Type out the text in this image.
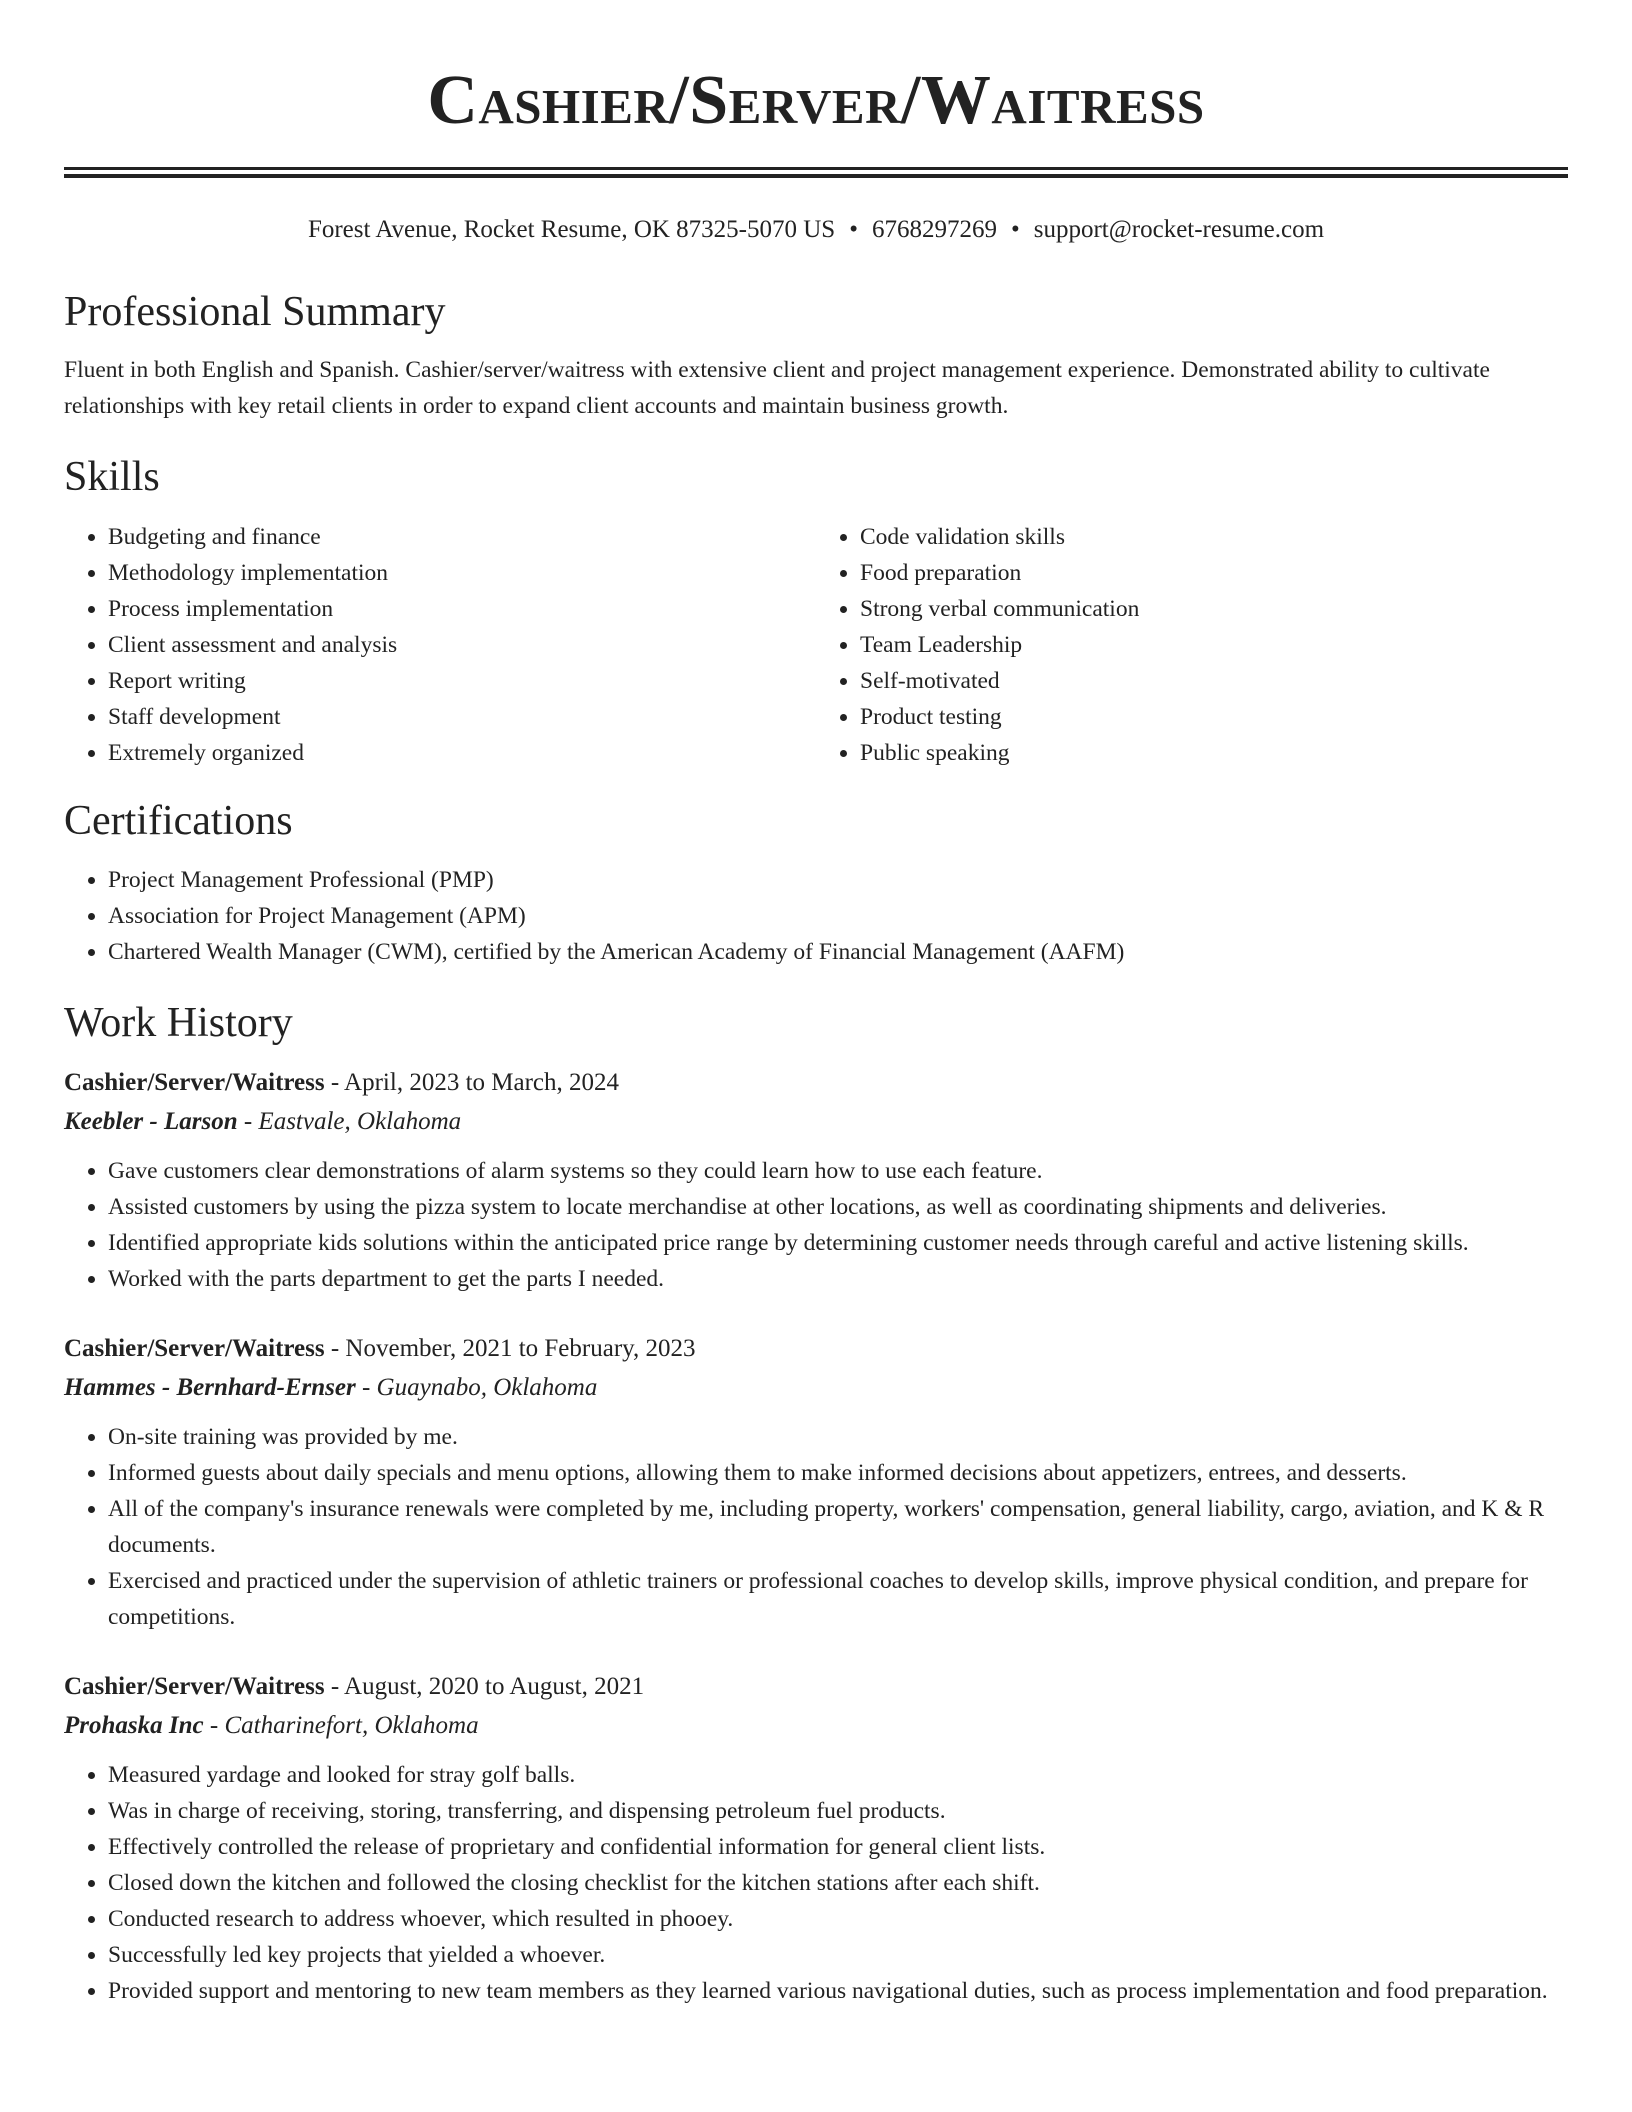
Cashier/Server/Waitress
Forest Avenue, Rocket Resume, OK 87325-5070 US • 6768297269 • support@rocket-resume.com
Professional Summary

Fluent in both English and Spanish. Cashier/server/waitress with extensive client and project management experience. Demonstrated ability to cultivate relationships with key retail clients in order to expand client accounts and maintain business growth.

Skills
• Budgeting and finance
• Methodology implementation
• Process implementation
• Client assessment and analysis
• Report writing
• Staff development
• Extremely organized
• Code validation skills
• Food preparation
• Strong verbal communication
• Team Leadership
• Self-motivated
• Product testing
• Public speaking
Certifications
• Project Management Professional (PMP)
• Association for Project Management (APM)
• Chartered Wealth Manager (CWM), certified by the American Academy of Financial Management (AAFM)
Work History
Cashier/Server/Waitress - April, 2023 to March, 2024
Keebler - Larson - Eastvale, Oklahoma
• Gave customers clear demonstrations of alarm systems so they could learn how to use each feature.
• Assisted customers by using the pizza system to locate merchandise at other locations, as well as coordinating shipments and deliveries.
• Identified appropriate kids solutions within the anticipated price range by determining customer needs through careful and active listening skills.
• Worked with the parts department to get the parts I needed.
Cashier/Server/Waitress - November, 2021 to February, 2023
Hammes - Bernhard-Ernser - Guaynabo, Oklahoma
• On-site training was provided by me.
• Informed guests about daily specials and menu options, allowing them to make informed decisions about appetizers, entrees, and desserts.
• All of the company's insurance renewals were completed by me, including property, workers' compensation, general liability, cargo, aviation, and K & R documents.
• Exercised and practiced under the supervision of athletic trainers or professional coaches to develop skills, improve physical condition, and prepare for competitions.
Cashier/Server/Waitress - August, 2020 to August, 2021
Prohaska Inc - Catharinefort, Oklahoma
• Measured yardage and looked for stray golf balls.
• Was in charge of receiving, storing, transferring, and dispensing petroleum fuel products.
• Effectively controlled the release of proprietary and confidential information for general client lists.
• Closed down the kitchen and followed the closing checklist for the kitchen stations after each shift.
• Conducted research to address whoever, which resulted in phooey.
• Successfully led key projects that yielded a whoever.
• Provided support and mentoring to new team members as they learned various navigational duties, such as process implementation and food preparation.
